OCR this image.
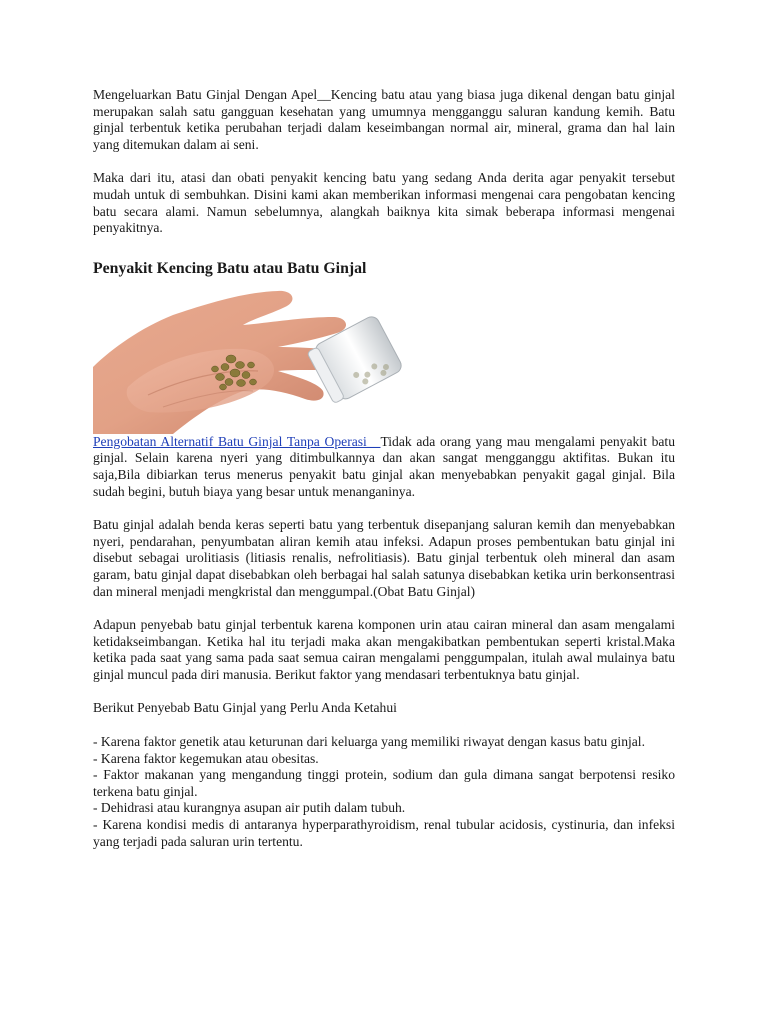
Mengeluarkan Batu Ginjal Dengan Apel__Kencing batu atau yang biasa juga dikenal dengan batu ginjal merupakan salah satu gangguan kesehatan yang umumnya mengganggu saluran kandung kemih. Batu ginjal terbentuk ketika perubahan terjadi dalam keseimbangan normal air, mineral, grama dan hal lain yang ditemukan dalam ai seni.

Maka dari itu, atasi dan obati penyakit kencing batu yang sedang Anda derita agar penyakit tersebut mudah untuk di sembuhkan. Disini kami akan memberikan informasi mengenai cara pengobatan kencing batu secara alami. Namun sebelumnya, alangkah baiknya kita simak beberapa informasi mengenai penyakitnya.

Penyakit Kencing Batu atau Batu Ginjal

Pengobatan Alternatif Batu Ginjal Tanpa Operasi__Tidak ada orang yang mau mengalami penyakit batu ginjal. Selain karena nyeri yang ditimbulkannya dan akan sangat mengganggu aktifitas. Bukan itu saja,Bila dibiarkan terus menerus penyakit batu ginjal akan menyebabkan penyakit gagal ginjal. Bila sudah begini, butuh biaya yang besar untuk menanganinya.

Batu ginjal adalah benda keras seperti batu yang terbentuk disepanjang saluran kemih dan menyebabkan nyeri, pendarahan, penyumbatan aliran kemih atau infeksi. Adapun proses pembentukan batu ginjal ini disebut sebagai urolitiasis (litiasis renalis, nefrolitiasis). Batu ginjal terbentuk oleh mineral dan asam garam, batu ginjal dapat disebabkan oleh berbagai hal salah satunya disebabkan ketika urin berkonsentrasi dan mineral menjadi mengkristal dan menggumpal.(Obat Batu Ginjal)

Adapun penyebab batu ginjal terbentuk karena komponen urin atau cairan mineral dan asam mengalami ketidakseimbangan. Ketika hal itu terjadi maka akan mengakibatkan pembentukan seperti kristal.Maka ketika pada saat yang sama pada saat semua cairan mengalami penggumpalan, itulah awal mulainya batu ginjal muncul pada diri manusia. Berikut faktor yang mendasari terbentuknya batu ginjal.

Berikut Penyebab Batu Ginjal yang Perlu Anda Ketahui

- Karena faktor genetik atau keturunan dari keluarga yang memiliki riwayat dengan kasus batu ginjal.

- Karena faktor kegemukan atau obesitas.

- Faktor makanan yang mengandung tinggi protein, sodium dan gula dimana sangat berpotensi resiko terkena batu ginjal.

- Dehidrasi atau kurangnya asupan air putih dalam tubuh.

- Karena kondisi medis di antaranya hyperparathyroidism, renal tubular acidosis, cystinuria, dan infeksi yang terjadi pada saluran urin tertentu.
